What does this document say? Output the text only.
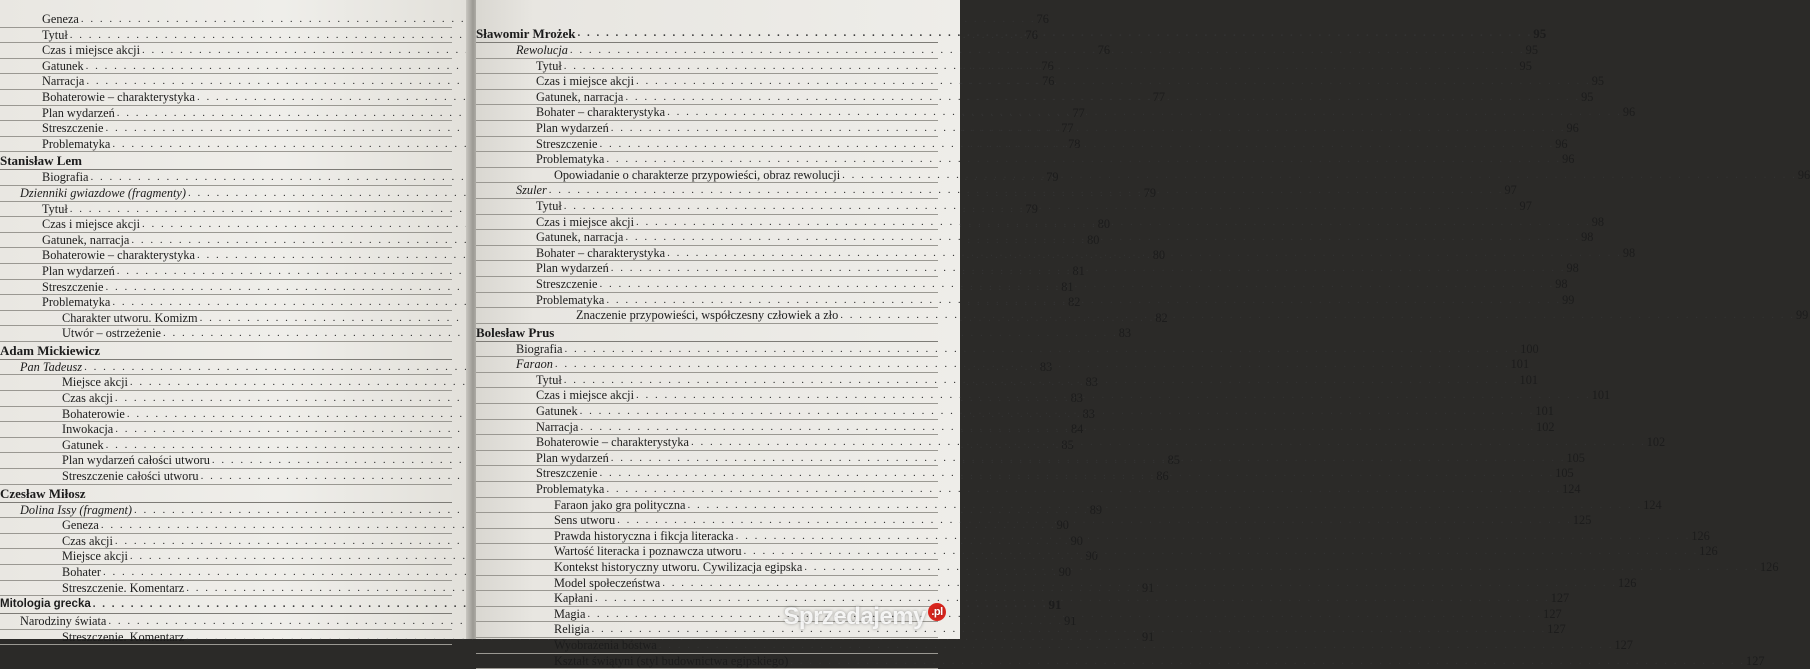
Geneza . . .	76
Tytuł . . .	76
Czas i miejsce akcji . . .	76
Gatunek . . .	76
Narracja . . .	76
Bohaterowie – charakterystyka . . .	77
Plan wydarzeń . . .	77
Streszczenie . . .	77
Problematyka . . .	78
Stanisław Lem
Biografia . . .	79
Dzienniki gwiazdowe (fragmenty) . . .	79
Tytuł . . .	79
Czas i miejsce akcji . . .	80
Gatunek, narracja . . .	80
Bohaterowie – charakterystyka . . .	80
Plan wydarzeń . . .	81
Streszczenie . . .	81
Problematyka . . .	82
Charakter utworu. Komizm . . .	82
Utwór – ostrzeżenie . . .	83
Adam Mickiewicz
Pan Tadeusz . . .	83
Miejsce akcji . . .	83
Czas akcji . . .	83
Bohaterowie . . .	83
Inwokacja . . .	84
Gatunek . . .	85
Plan wydarzeń całości utworu . . .	85
Streszczenie całości utworu . . .	86
Czesław Miłosz
Dolina Issy (fragment) . . .	89
Geneza . . .	90
Czas akcji . . .	90
Miejsce akcji . . .	90
Bohater . . .	90
Streszczenie. Komentarz . . .	91
Mitologia grecka . . .	91
Narodziny świata . . .	91
Streszczenie. Komentarz . . .	91
Sławomir Mrożek . . .	95
Rewolucja . . .	95
Tytuł . . .	95
Czas i miejsce akcji . . .	95
Gatunek, narracja . . .	95
Bohater – charakterystyka . . .	96
Plan wydarzeń . . .	96
Streszczenie . . .	96
Problematyka . . .	96
Opowiadanie o charakterze przypowieści, obraz rewolucji . . .	96
Szuler . . .	97
Tytuł . . .	97
Czas i miejsce akcji . . .	98
Gatunek, narracja . . .	98
Bohater – charakterystyka . . .	98
Plan wydarzeń . . .	98
Streszczenie . . .	98
Problematyka . . .	99
Znaczenie przypowieści, współczesny człowiek a zło . . .	99
Bolesław Prus
Biografia . . .	100
Faraon . . .	101
Tytuł . . .	101
Czas i miejsce akcji . . .	101
Gatunek . . .	101
Narracja . . .	102
Bohaterowie – charakterystyka . . .	102
Plan wydarzeń . . .	105
Streszczenie . . .	105
Problematyka . . .	124
Faraon jako gra polityczna . . .	124
Sens utworu . . .	125
Prawda historyczna i fikcja literacka . . .	126
Wartość literacka i poznawcza utworu . . .	126
Kontekst historyczny utworu. Cywilizacja egipska . . .	126
Model społeczeństwa . . .	126
Kapłani . . .	127
Magia . . .	127
Religia . . .	127
Wyobrażenia bóstwa . . .	127
Kształt świątyni (styl budownictwa egipskiego) . . .	127
Sprzedajemy .pl
